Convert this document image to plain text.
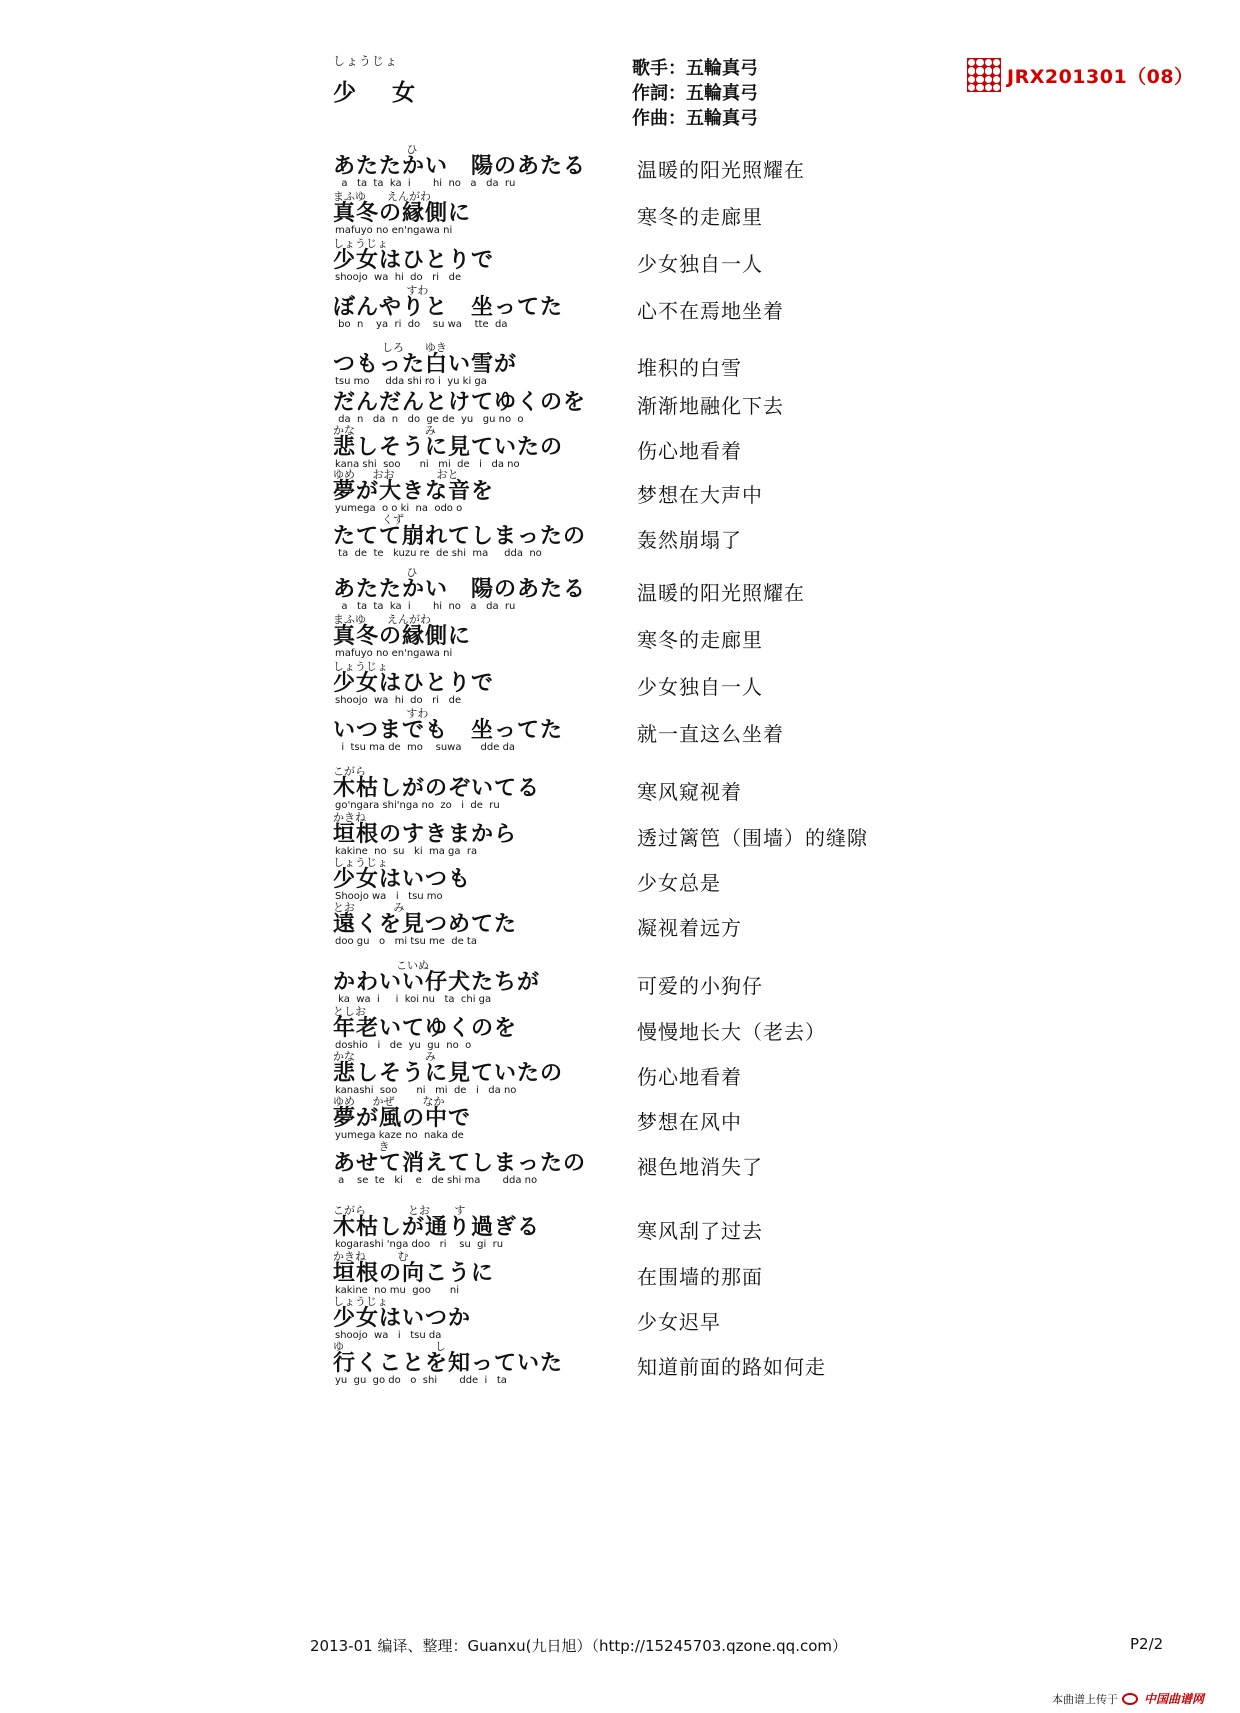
しょうじょ
少 女
歌手：五輪真弓
作詞：五輪真弓
作曲：五輪真弓
JRX201301（08）
ひ
あたたかい　陽のあたる
a   ta  ta  ka  i       hi  no   a   da  ru
温暖的阳光照耀在
まふゆ      えんがわ
真冬の縁側に
mafuyo no en'ngawa ni
寒冬的走廊里
しょうじょ
少女はひとりで
shoojo  wa  hi  do   ri   de
少女独自一人
すわ
ぼんやりと　坐ってた
bo  n    ya  ri  do    su wa    tte  da
心不在焉地坐着
しろ      ゆき
つもった白い雪が
tsu mo     dda shi ro i  yu ki ga
堆积的白雪
だんだんとけてゆくのを
da  n   da  n   do  ge de  yu   gu no  o
渐渐地融化下去
かな                    み
悲しそうに見ていたの
kana shi  soo      ni   mi  de   i   da no
伤心地看着
ゆめ     おお            おと
夢が大きな音を
yumega  o o ki  na  odo o
梦想在大声中
くず
たてて崩れてしまったの
ta  de  te   kuzu re  de shi  ma     dda  no
轰然崩塌了
ひ
あたたかい　陽のあたる
a   ta  ta  ka  i       hi  no   a   da  ru
温暖的阳光照耀在
まふゆ      えんがわ
真冬の縁側に
mafuyo no en'ngawa ni
寒冬的走廊里
しょうじょ
少女はひとりで
shoojo  wa  hi  do   ri   de
少女独自一人
すわ
いつまでも　坐ってた
i  tsu ma de  mo    suwa      dde da
就一直这么坐着
こがら
木枯しがのぞいてる
go'ngara shi'nga no  zo   i  de  ru
寒风窥视着
かきね
垣根のすきまから
kakine  no  su   ki  ma ga  ra
透过篱笆（围墙）的缝隙
しょうじょ
少女はいつも
Shoojo wa   i   tsu mo
少女总是
とお           み
遠くを見つめてた
doo gu   o   mi tsu me  de ta
凝视着远方
こいぬ
かわいい仔犬たちが
ka  wa  i     i  koi nu   ta  chi ga
可爱的小狗仔
としお
年老いてゆくのを
doshio   i   de  yu  gu  no  o
慢慢地长大（老去）
かな                    み
悲しそうに見ていたの
kanashi  soo      ni   mi  de   i   da no
伤心地看着
ゆめ     かぜ        なか
夢が風の中で
yumega kaze no  naka de
梦想在风中
き
あせて消えてしまったの
a    se  te   ki    e   de shi ma       dda no
褪色地消失了
こがら            とお       す
木枯しが通り過ぎる
kogarashi 'nga doo   ri    su  gi  ru
寒风刮了过去
かきね         む
垣根の向こうに
kakine  no mu  goo      ni
在围墙的那面
しょうじょ
少女はいつか
shoojo  wa   i   tsu da
少女迟早
ゆ                          し
行くことを知っていた
yu  gu  go do   o  shi       dde  i   ta
知道前面的路如何走
2013-01 编译、整理：Guanxu(九日旭）（http://15245703.qzone.qq.com）	P2/2
本曲谱上传于 中国曲谱网
